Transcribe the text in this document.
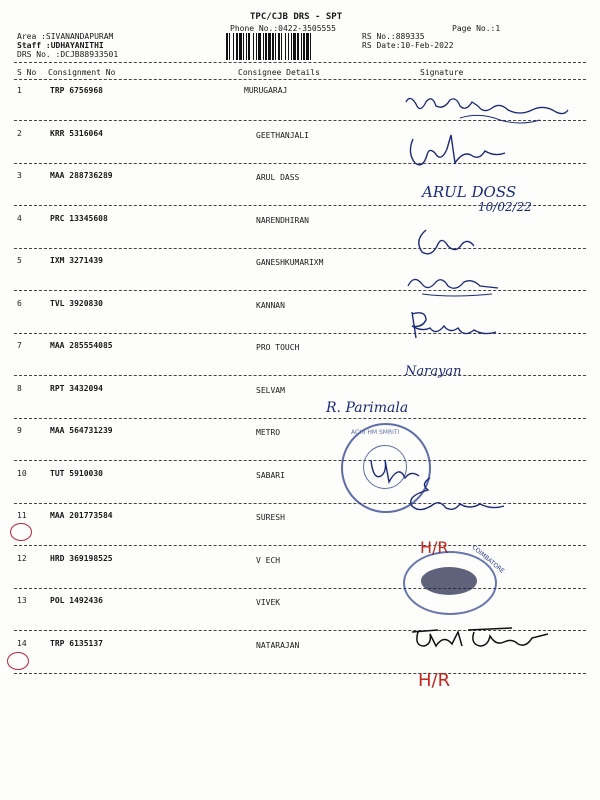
TPC/CJB DRS - SPT
Phone No.:0422-3505555	Page No.:1
Area :SIVANANDAPURAM
Staff :UDHAYANITHI
DRS No. :DCJB88933501
RS No.:889335
RS Date:10-Feb-2022
S No Consignment No	Consignee Details	Signature
1	TRP 6756968	MURUGARAJ
2	KRR 5316064	GEETHANJALI
3	MAA 288736289	ARUL DASS
4	PRC 13345608	NARENDHIRAN
5	IXM 3271439	GANESHKUMARIXM
6	TVL 3920830	KANNAN
7	MAA 285554085	PRO TOUCH
8	RPT 3432094	SELVAM
9	MAA 564731239	METRO
10	TUT 5910030	SABARI
11	MAA 201773584	SURESH
12	HRD 369198525	V ECH
13	POL 1492436	VIVEK
14	TRP 6135137	NATARAJAN
ARUL DOSS
10/02/22
Narayan
R. Parimala
ACHI HM SMRITI
H/R	COIMBATORE
H/R
